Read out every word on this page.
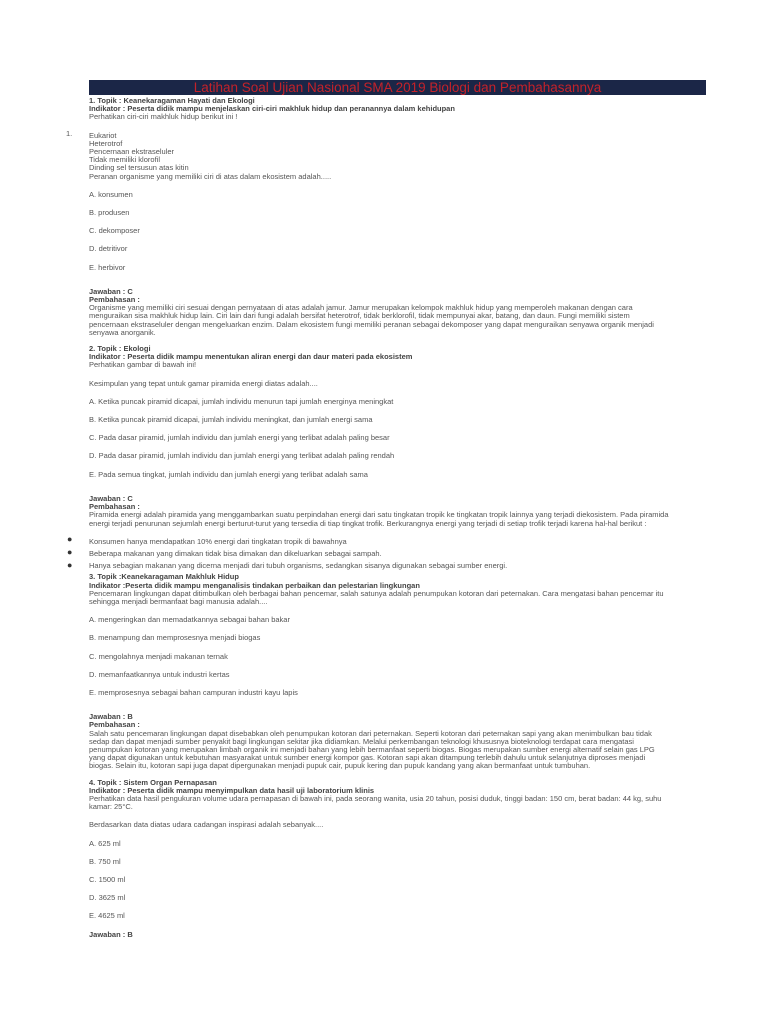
Latihan Soal Ujian Nasional SMA 2019 Biologi dan Pembahasannya
1.

1. Topik : Keanekaragaman Hayati dan Ekologi

Indikator : Peserta didik mampu menjelaskan ciri-ciri makhluk hidup dan peranannya dalam kehidupan

Perhatikan ciri-ciri makhluk hidup berikut ini !

Eukariot

Heterotrof

Pencernaan ekstraseluler

Tidak memiliki klorofil

Dinding sel tersusun atas kitin

Peranan organisme yang memiliki ciri di atas dalam ekosistem adalah.....

A. konsumen

B. produsen

C. dekomposer

D. detritivor

E. herbivor

Jawaban : C

Pembahasan :

Organisme yang memiliki ciri sesuai dengan pernyataan di atas adalah jamur. Jamur merupakan kelompok makhluk hidup yang memperoleh makanan dengan cara menguraikan sisa makhluk hidup lain. Ciri lain dari fungi adalah bersifat heterotrof, tidak berklorofil, tidak mempunyai akar, batang, dan daun. Fungi memiliki sistem pencernaan ekstraseluler dengan mengeluarkan enzim. Dalam ekosistem fungi memiliki peranan sebagai dekomposer yang dapat menguraikan senyawa organik menjadi senyawa anorganik.

2. Topik : Ekologi

Indikator : Peserta didik mampu menentukan aliran energi dan daur materi pada ekosistem

Perhatikan gambar di bawah ini!

Kesimpulan yang tepat untuk gamar piramida energi diatas adalah....

A. Ketika puncak piramid dicapai, jumlah individu menurun tapi jumlah energinya meningkat

B. Ketika puncak piramid dicapai, jumlah individu meningkat, dan jumlah energi sama

C. Pada dasar piramid, jumlah individu dan jumlah energi yang terlibat adalah paling besar

D. Pada dasar piramid, jumlah individu dan jumlah energi yang terlibat adalah paling rendah

E. Pada semua tingkat, jumlah individu dan jumlah energi yang terlibat adalah sama

Jawaban : C

Pembahasan :

Piramida energi adalah piramida yang menggambarkan suatu perpindahan energi dari satu tingkatan tropik ke tingkatan tropik lainnya yang terjadi diekosistem. Pada piramida energi terjadi penurunan sejumlah energi berturut-turut yang tersedia di tiap tingkat trofik. Berkurangnya energi yang terjadi di setiap trofik terjadi karena hal-hal berikut :

Konsumen hanya mendapatkan 10% energi dari tingkatan tropik di bawahnya

Beberapa makanan yang dimakan tidak bisa dimakan dan dikeluarkan sebagai sampah.

Hanya sebagian makanan yang dicerna menjadi dari tubuh organisms, sedangkan sisanya digunakan sebagai sumber energi.

3. Topik :Keanekaragaman Makhluk Hidup

Indikator :Peserta didik mampu menganalisis tindakan perbaikan dan pelestarian lingkungan

Pencemaran lingkungan dapat ditimbulkan oleh berbagai bahan pencemar, salah satunya adalah penumpukan kotoran dari peternakan. Cara mengatasi bahan pencemar itu sehingga menjadi bermanfaat bagi manusia adalah....

A. mengeringkan dan memadatkannya sebagai bahan bakar

B. menampung dan memprosesnya menjadi biogas

C. mengolahnya menjadi makanan ternak

D. memanfaatkannya untuk industri kertas

E. memprosesnya sebagai bahan campuran industri kayu lapis

Jawaban : B

Pembahasan :

Salah satu pencemaran lingkungan dapat disebabkan oleh penumpukan kotoran dari peternakan. Seperti kotoran dari peternakan sapi yang akan menimbulkan bau tidak sedap dan dapat menjadi sumber penyakit bagi lingkungan sekitar jika didiamkan. Melalui perkembangan teknologi khususnya bioteknologi terdapat cara mengatasi penumpukan kotoran yang merupakan limbah organik ini menjadi bahan yang lebih bermanfaat seperti biogas. Biogas merupakan sumber energi alternatif selain gas LPG yang dapat digunakan untuk kebutuhan masyarakat untuk sumber energi kompor gas. Kotoran sapi akan ditampung terlebih dahulu untuk selanjutnya diproses menjadi biogas. Selain itu, kotoran sapi juga dapat dipergunakan menjadi pupuk cair, pupuk kering dan pupuk kandang yang akan bermanfaat untuk tumbuhan.

4. Topik : Sistem Organ Pernapasan

Indikator : Peserta didik mampu menyimpulkan data hasil uji laboratorium klinis

Perhatikan data hasil pengukuran volume udara pernapasan di bawah ini, pada seorang wanita, usia 20 tahun, posisi duduk, tinggi badan: 150 cm, berat badan: 44 kg, suhu kamar: 25°C.

Berdasarkan data diatas udara cadangan inspirasi adalah sebanyak....

A. 625 ml

B. 750 ml

C. 1500 ml

D. 3625 ml

E. 4625 ml

Jawaban : B

●
●
●
